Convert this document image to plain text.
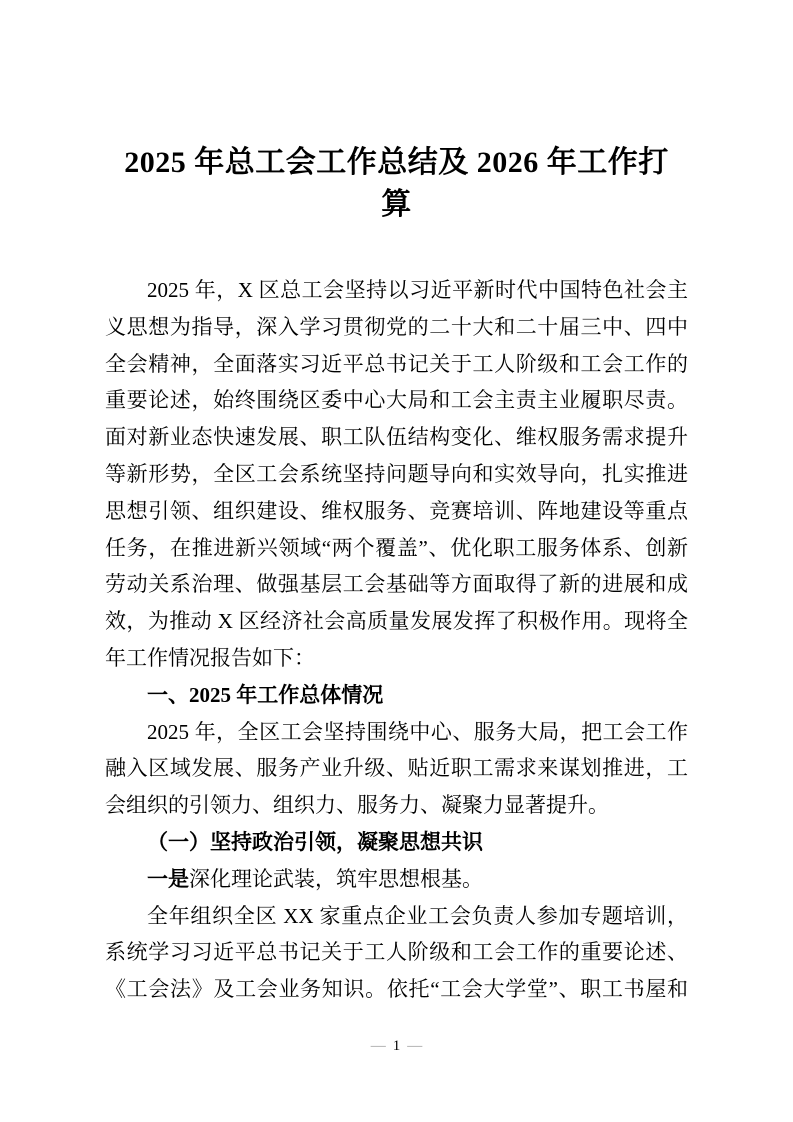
2025 年总工会工作总结及 2026 年工作打
算
2025 年，X 区总工会坚持以习近平新时代中国特色社会主
义思想为指导，深入学习贯彻党的二十大和二十届三中、四中
全会精神，全面落实习近平总书记关于工人阶级和工会工作的
重要论述，始终围绕区委中心大局和工会主责主业履职尽责。
面对新业态快速发展、职工队伍结构变化、维权服务需求提升
等新形势，全区工会系统坚持问题导向和实效导向，扎实推进
思想引领、组织建设、维权服务、竞赛培训、阵地建设等重点
任务，在推进新兴领域“两个覆盖”、优化职工服务体系、创新
劳动关系治理、做强基层工会基础等方面取得了新的进展和成
效，为推动 X 区经济社会高质量发展发挥了积极作用。现将全
年工作情况报告如下：
一、2025 年工作总体情况
2025 年，全区工会坚持围绕中心、服务大局，把工会工作
融入区域发展、服务产业升级、贴近职工需求来谋划推进，工
会组织的引领力、组织力、服务力、凝聚力显著提升。
（一）坚持政治引领，凝聚思想共识
一是深化理论武装，筑牢思想根基。
全年组织全区 XX 家重点企业工会负责人参加专题培训，
系统学习习近平总书记关于工人阶级和工会工作的重要论述、
《工会法》及工会业务知识。依托“工会大学堂”、职工书屋和
— 1 —
